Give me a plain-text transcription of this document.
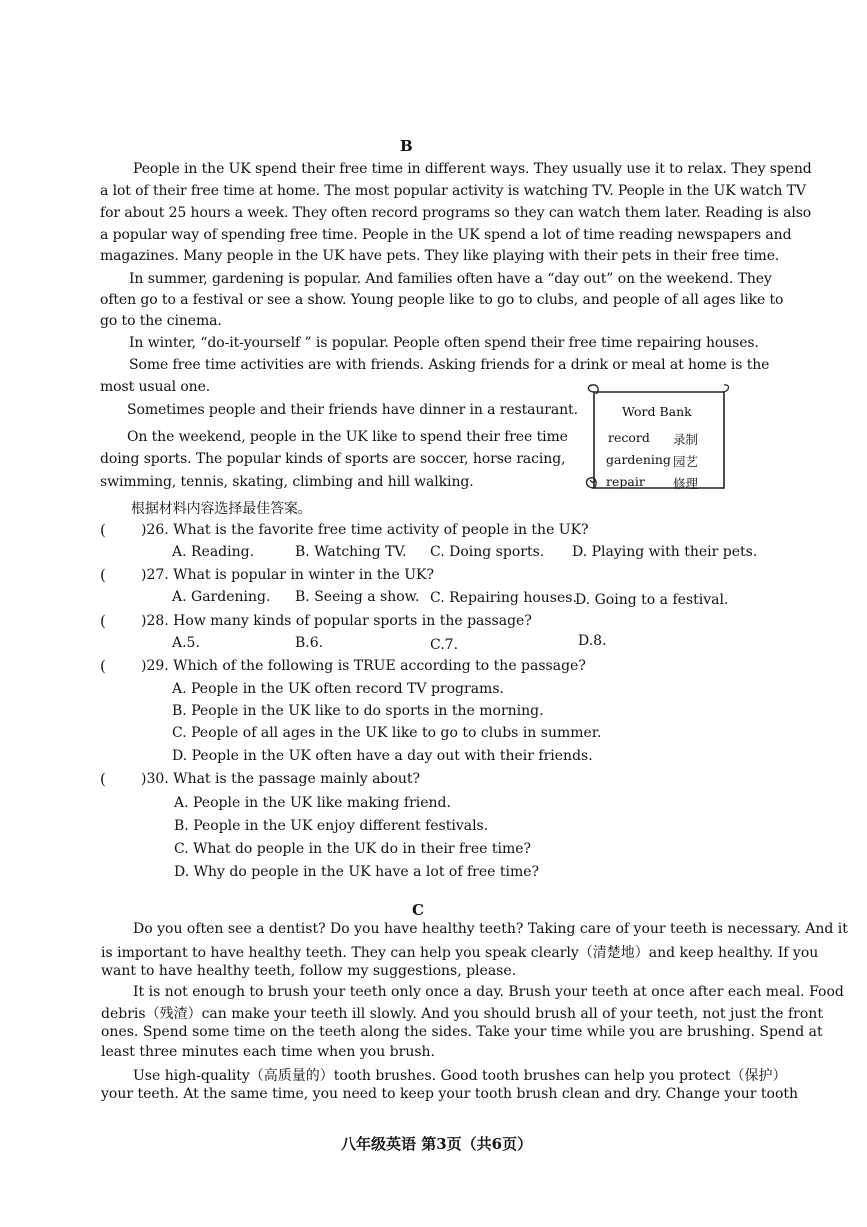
B
People in the UK spend their free time in different ways. They usually use it to relax. They spend
a lot of their free time at home. The most popular activity is watching TV. People in the UK watch TV
for about 25 hours a week. They often record programs so they can watch them later. Reading is also
a popular way of spending free time. People in the UK spend a lot of time reading newspapers and
magazines. Many people in the UK have pets. They like playing with their pets in their free time.
In summer, gardening is popular. And families often have a “day out” on the weekend. They
often go to a festival or see a show. Young people like to go to clubs, and people of all ages like to
go to the cinema.
In winter, “do-it-yourself ” is popular. People often spend their free time repairing houses.
Some free time activities are with friends. Asking friends for a drink or meal at home is the
most usual one.
Sometimes people and their friends have dinner in a restaurant.
On the weekend, people in the UK like to spend their free time
doing sports. The popular kinds of sports are soccer, horse racing,
swimming, tennis, skating, climbing and hill walking.
Word Bank
record 录制
gardening 园艺
repair 修理
根据材料内容选择最佳答案。
(	)26. What is the favorite free time activity of people in the UK?
A. Reading.	B. Watching TV. C. Doing sports. D. Playing with their pets.
(	)27. What is popular in winter in the UK?
A. Gardening. B. Seeing a show. C. Repairing houses.
D. Going to a festival.
(	)28. How many kinds of popular sports in the passage?
A.5.	B.6.	C.7.	D.8.
(	)29. Which of the following is TRUE according to the passage?
A. People in the UK often record TV programs.
B. People in the UK like to do sports in the morning.
C. People of all ages in the UK like to go to clubs in summer.
D. People in the UK often have a day out with their friends.
(	)30. What is the passage mainly about?
A. People in the UK like making friend.
B. People in the UK enjoy different festivals.
C. What do people in the UK do in their free time?
D. Why do people in the UK have a lot of free time?
C
Do you often see a dentist? Do you have healthy teeth? Taking care of your teeth is necessary. And it
is important to have healthy teeth. They can help you speak clearly（清楚地）and keep healthy. If you
want to have healthy teeth, follow my suggestions, please.
It is not enough to brush your teeth only once a day. Brush your teeth at once after each meal. Food
debris（残渣）can make your teeth ill slowly. And you should brush all of your teeth, not just the front
ones. Spend some time on the teeth along the sides. Take your time while you are brushing. Spend at
least three minutes each time when you brush.
Use high-quality（高质量的）tooth brushes. Good tooth brushes can help you protect（保护）
your teeth. At the same time, you need to keep your tooth brush clean and dry. Change your tooth
八年级英语 第3页（共6页）
